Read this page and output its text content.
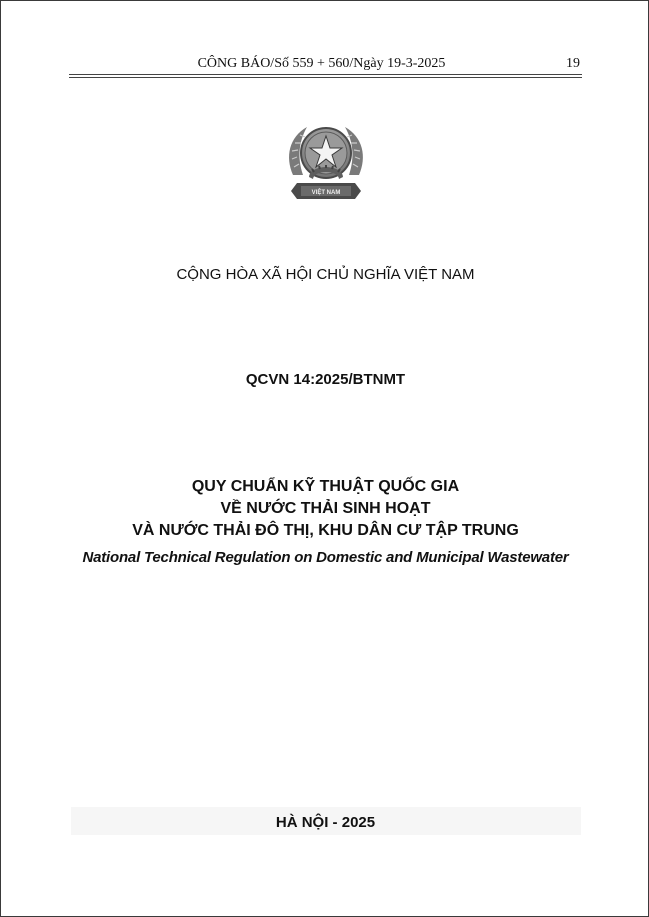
CÔNG BÁO/Số 559 + 560/Ngày 19-3-2025	19
VIỆT NAM
CỘNG HÒA XÃ HỘI CHỦ NGHĨA VIỆT NAM
QCVN 14:2025/BTNMT
QUY CHUẨN KỸ THUẬT QUỐC GIA
VỀ NƯỚC THẢI SINH HOẠT
VÀ NƯỚC THẢI ĐÔ THỊ, KHU DÂN CƯ TẬP TRUNG
National Technical Regulation on Domestic and Municipal Wastewater
HÀ NỘI - 2025
